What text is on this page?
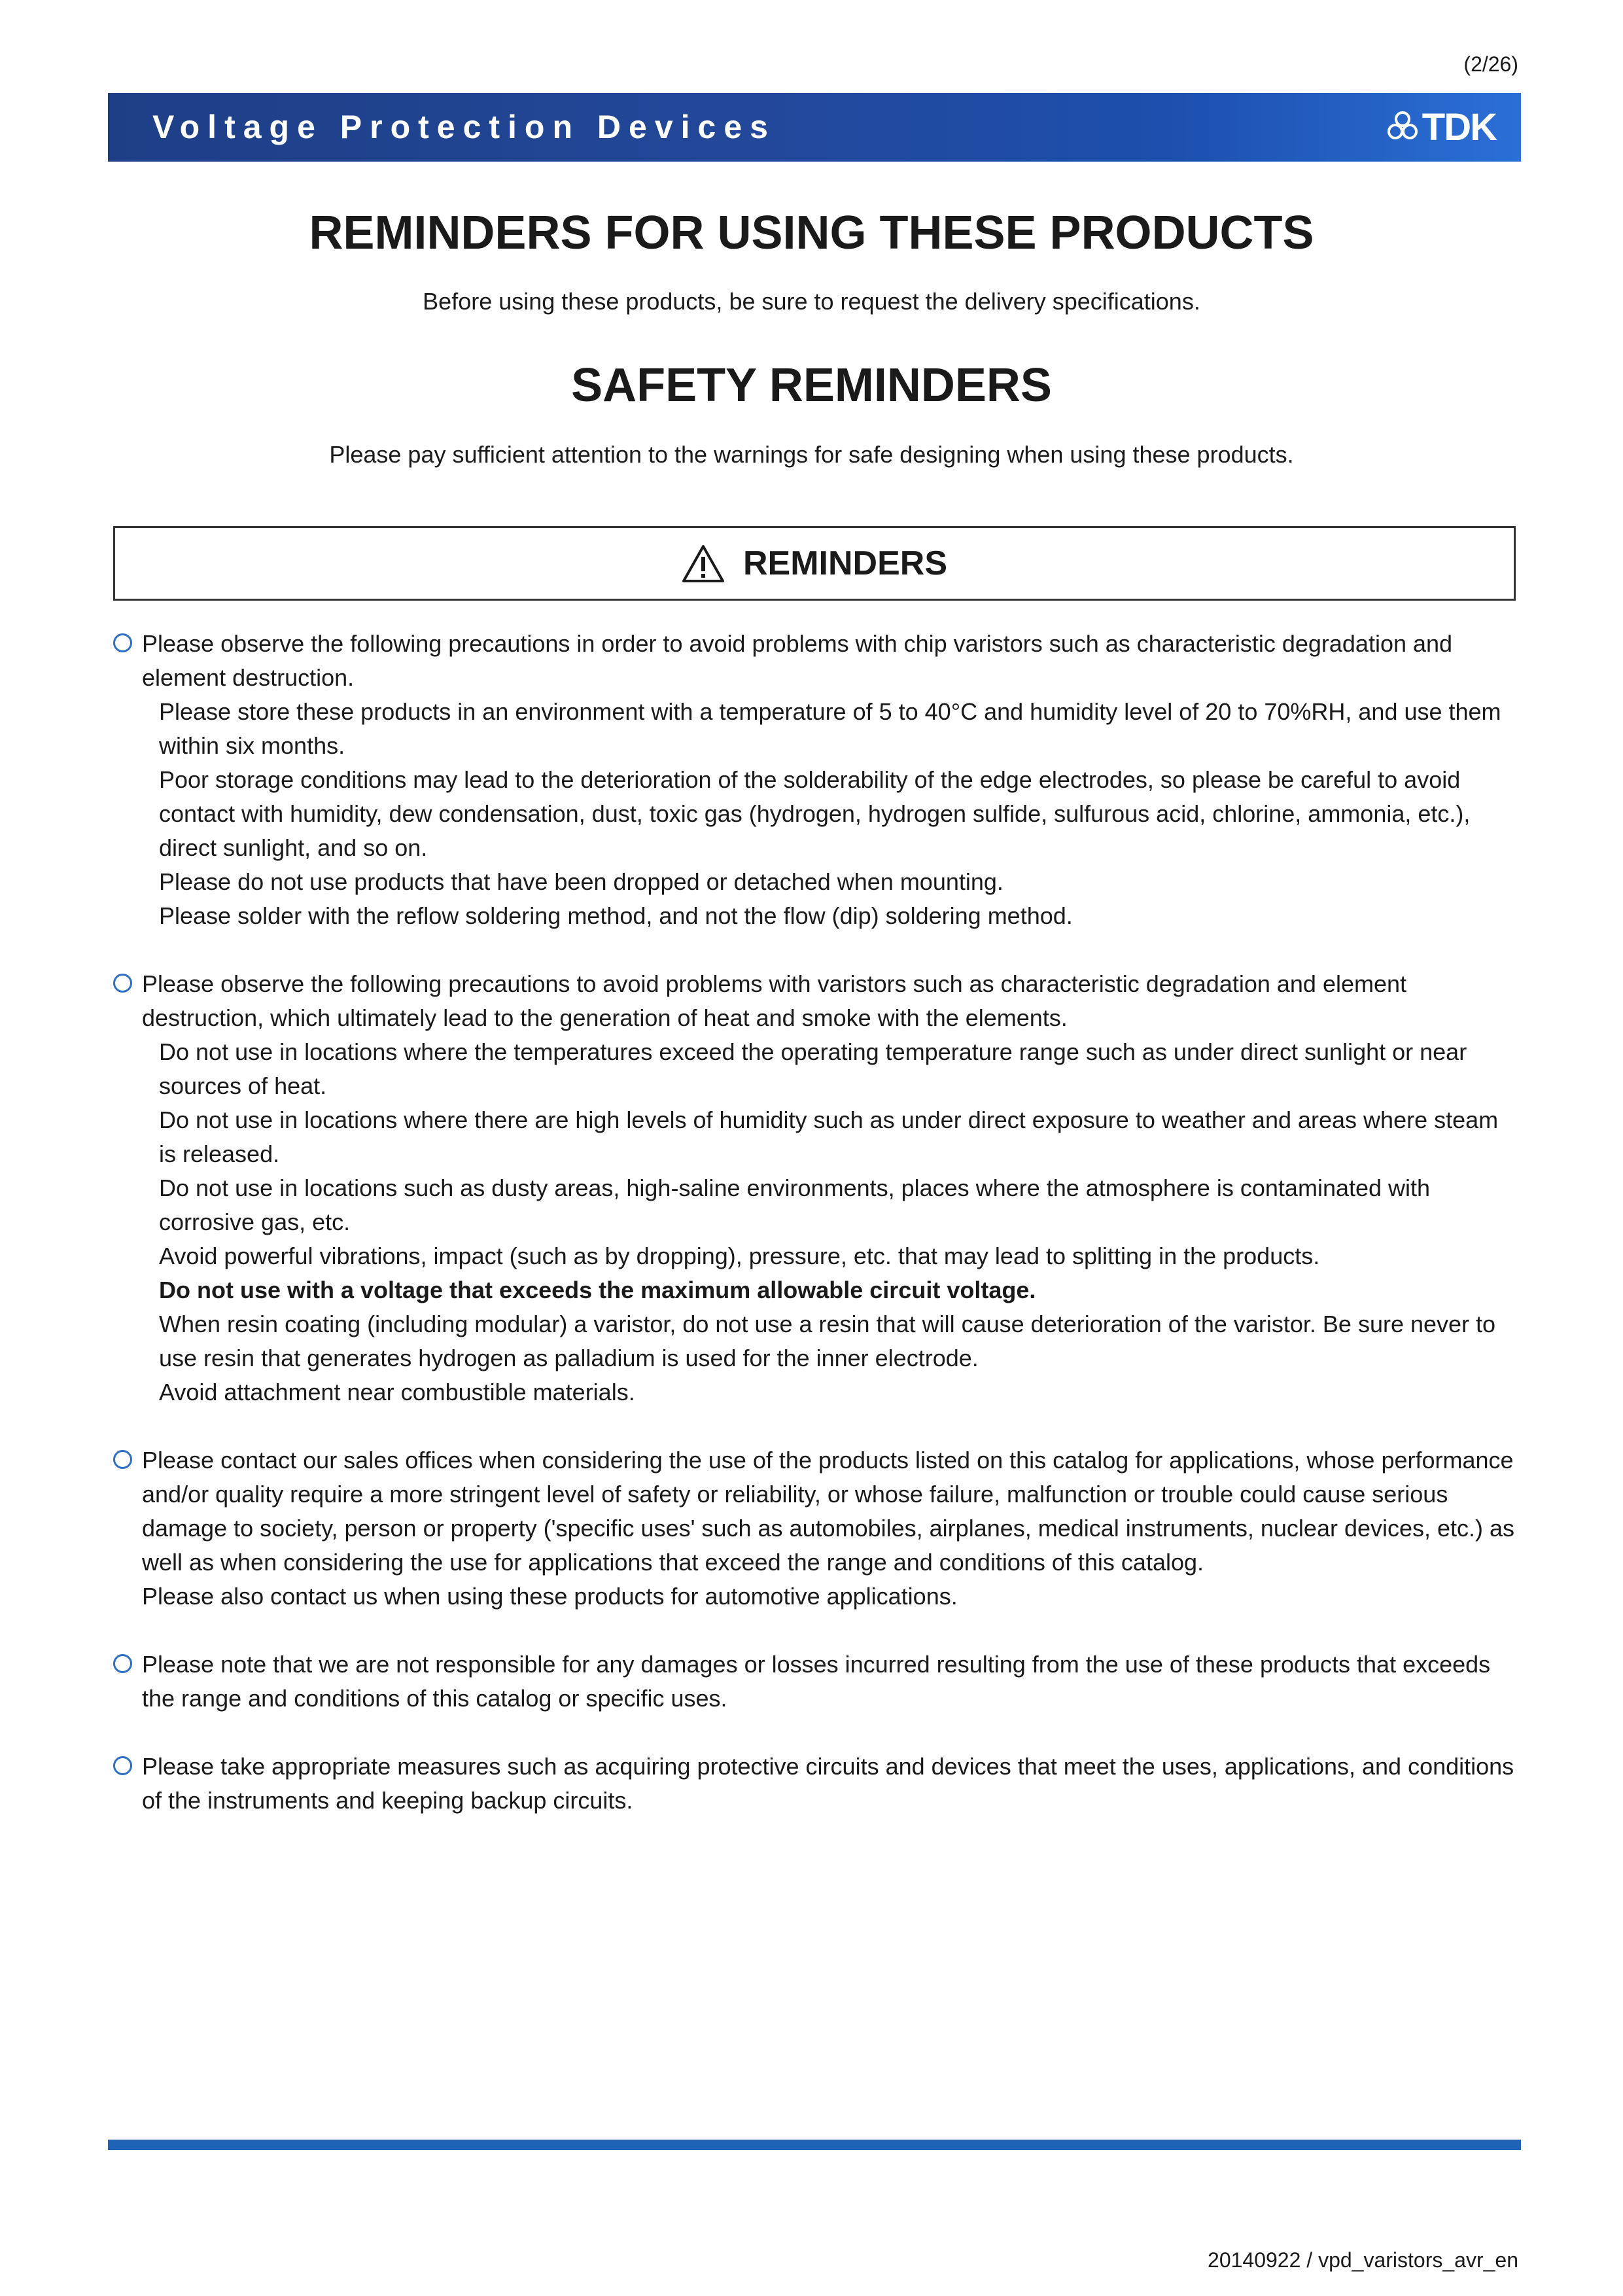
(2/26)
Voltage Protection Devices	TDK
REMINDERS FOR USING THESE PRODUCTS
Before using these products, be sure to request the delivery specifications.
SAFETY REMINDERS
Please pay sufficient attention to the warnings for safe designing when using these products.
REMINDERS

Please observe the following precautions in order to avoid problems with chip varistors such as characteristic degradation and element destruction.

Please store these products in an environment with a temperature of 5 to 40°C and humidity level of 20 to 70%RH, and use them within six months.

Poor storage conditions may lead to the deterioration of the solderability of the edge electrodes, so please be careful to avoid contact with humidity, dew condensation, dust, toxic gas (hydrogen, hydrogen sulfide, sulfurous acid, chlorine, ammonia, etc.), direct sunlight, and so on.

Please do not use products that have been dropped or detached when mounting.

Please solder with the reflow soldering method, and not the flow (dip) soldering method.

Please observe the following precautions to avoid problems with varistors such as characteristic degradation and element destruction, which ultimately lead to the generation of heat and smoke with the elements.

Do not use in locations where the temperatures exceed the operating temperature range such as under direct sunlight or near sources of heat.

Do not use in locations where there are high levels of humidity such as under direct exposure to weather and areas where steam is released.

Do not use in locations such as dusty areas, high-saline environments, places where the atmosphere is contaminated with corrosive gas, etc.

Avoid powerful vibrations, impact (such as by dropping), pressure, etc. that may lead to splitting in the products.

Do not use with a voltage that exceeds the maximum allowable circuit voltage.

When resin coating (including modular) a varistor, do not use a resin that will cause deterioration of the varistor. Be sure never to use resin that generates hydrogen as palladium is used for the inner electrode.

Avoid attachment near combustible materials.

Please contact our sales offices when considering the use of the products listed on this catalog for applications, whose performance and/or quality require a more stringent level of safety or reliability, or whose failure, malfunction or trouble could cause serious damage to society, person or property ('specific uses' such as automobiles, airplanes, medical instruments, nuclear devices, etc.) as well as when considering the use for applications that exceed the range and conditions of this catalog.

Please also contact us when using these products for automotive applications.

Please note that we are not responsible for any damages or losses incurred resulting from the use of these products that exceeds the range and conditions of this catalog or specific uses.

Please take appropriate measures such as acquiring protective circuits and devices that meet the uses, applications, and conditions of the instruments and keeping backup circuits.

20140922 / vpd_varistors_avr_en
